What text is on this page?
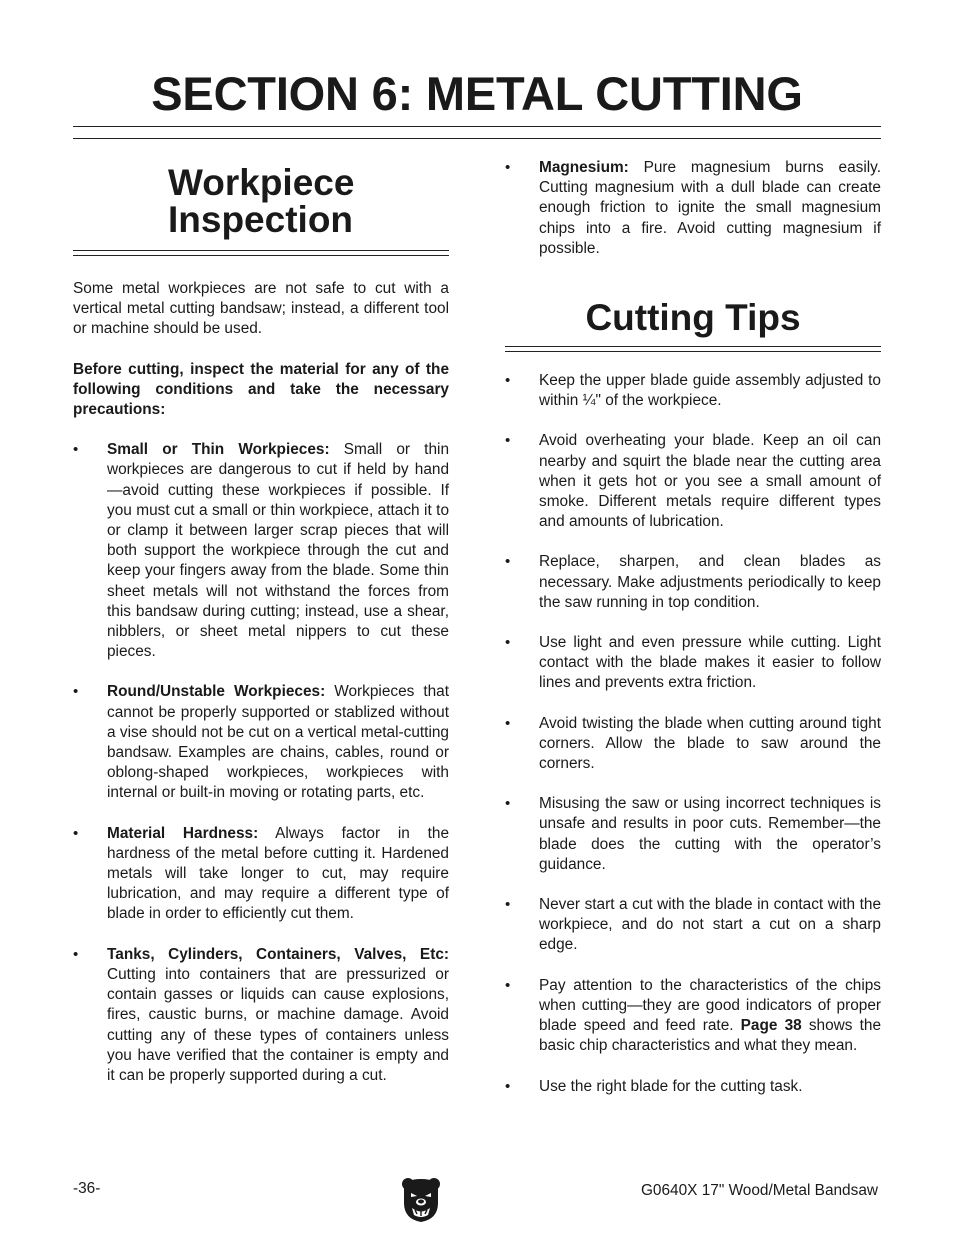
SECTION 6: METAL CUTTING
Workpiece
Inspection

Some metal workpieces are not safe to cut with a vertical metal cutting bandsaw; instead, a different tool or machine should be used.

Before cutting, inspect the material for any of the following conditions and take the necessary precautions:

• Small or Thin Workpieces: Small or thin workpieces are dangerous to cut if held by hand—avoid cutting these workpieces if possible. If you must cut a small or thin workpiece, attach it to or clamp it between larger scrap pieces that will both support the workpiece through the cut and keep your fingers away from the blade. Some thin sheet metals will not withstand the forces from this bandsaw during cutting; instead, use a shear, nibblers, or sheet metal nippers to cut these pieces.
• Round/Unstable Workpieces: Workpieces that cannot be properly supported or stablized without a vise should not be cut on a vertical metal-cutting bandsaw. Examples are chains, cables, round or oblong-shaped workpieces, workpieces with internal or built-in moving or rotating parts, etc.
• Material Hardness: Always factor in the hardness of the metal before cutting it. Hardened metals will take longer to cut, may require lubrication, and may require a different type of blade in order to efficiently cut them.
• Tanks, Cylinders, Containers, Valves, Etc: Cutting into containers that are pressurized or contain gasses or liquids can cause explosions, fires, caustic burns, or machine damage. Avoid cutting any of these types of containers unless you have verified that the container is empty and it can be properly supported during a cut.
• Magnesium: Pure magnesium burns easily. Cutting magnesium with a dull blade can create enough friction to ignite the small magnesium chips into a fire. Avoid cutting magnesium if possible.
Cutting Tips
• Keep the upper blade guide assembly adjusted to within ¼" of the workpiece.
• Avoid overheating your blade. Keep an oil can nearby and squirt the blade near the cutting area when it gets hot or you see a small amount of smoke. Different metals require different types and amounts of lubrication.
• Replace, sharpen, and clean blades as necessary. Make adjustments periodically to keep the saw running in top condition.
• Use light and even pressure while cutting. Light contact with the blade makes it easier to follow lines and prevents extra friction.
• Avoid twisting the blade when cutting around tight corners. Allow the blade to saw around the corners.
• Misusing the saw or using incorrect techniques is unsafe and results in poor cuts. Remember—the blade does the cutting with the operator’s guidance.
• Never start a cut with the blade in contact with the workpiece, and do not start a cut on a sharp edge.
• Pay attention to the characteristics of the chips when cutting—they are good indicators of proper blade speed and feed rate. Page 38 shows the basic chip characteristics and what they mean.
• Use the right blade for the cutting task.
-36-	G0640X 17" Wood/Metal Bandsaw
